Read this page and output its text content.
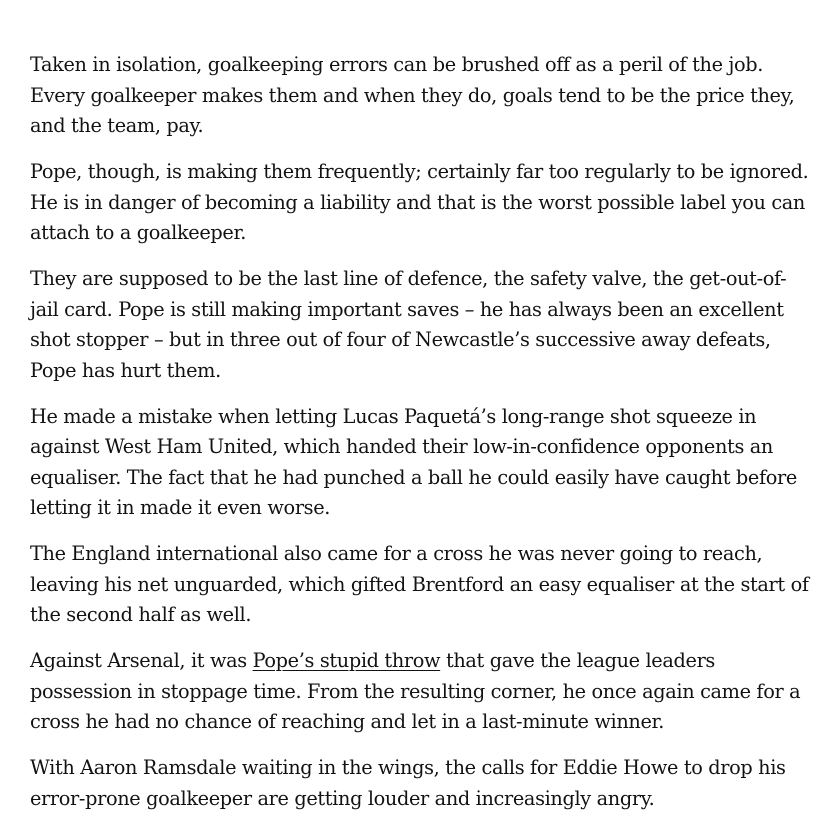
Taken in isolation, goalkeeping errors can be brushed off as a peril of the job. Every goalkeeper makes them and when they do, goals tend to be the price they, and the team, pay.

Pope, though, is making them frequently; certainly far too regularly to be ignored. He is in danger of becoming a liability and that is the worst possible label you can attach to a goalkeeper.

They are supposed to be the last line of defence, the safety valve, the get-out-of-jail card. Pope is still making important saves – he has always been an excellent shot stopper – but in three out of four of Newcastle’s successive away defeats, Pope has hurt them.

He made a mistake when letting Lucas Paquetá’s long-range shot squeeze in against West Ham United, which handed their low-in-confidence opponents an equaliser. The fact that he had punched a ball he could easily have caught before letting it in made it even worse.

The England international also came for a cross he was never going to reach, leaving his net unguarded, which gifted Brentford an easy equaliser at the start of the second half as well.

Against Arsenal, it was Pope’s stupid throw that gave the league leaders possession in stoppage time. From the resulting corner, he once again came for a cross he had no chance of reaching and let in a last-minute winner.

With Aaron Ramsdale waiting in the wings, the calls for Eddie Howe to drop his error-prone goalkeeper are getting louder and increasingly angry.
